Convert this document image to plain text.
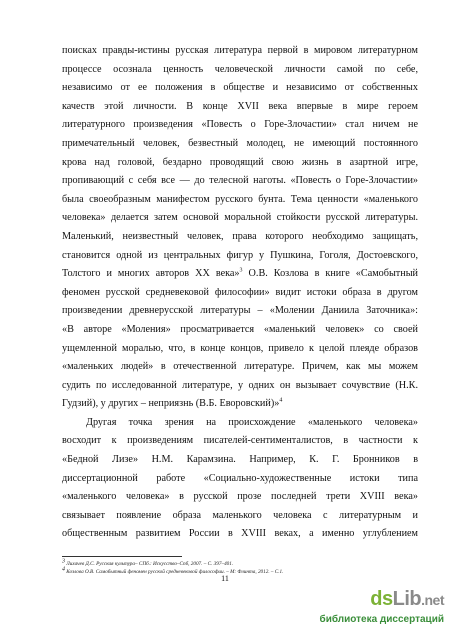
поисках правды-истины русская литература первой в мировом литературном
процессе осознала ценность человеческой личности самой по себе,
независимо от ее положения в обществе и независимо от собственных
качеств этой личности. В конце XVII века впервые в мире героем
литературного произведения «Повесть о Горе-Злочастии» стал ничем не
примечательный человек, безвестный молодец, не имеющий постоянного
крова над головой, бездарно проводящий свою жизнь в азартной игре,
пропивающий с себя все — до телесной наготы. «Повесть о Горе-Злочастии»
была своеобразным манифестом русского бунта. Тема ценности «маленького
человека» делается затем основой моральной стойкости русской литературы.
Маленький, неизвестный человек, права которого необходимо защищать,
становится одной из центральных фигур у Пушкина, Гоголя, Достоевского,
Толстого и многих авторов XX века»$^3$ О.В. Козлова в книге «Самобытный
феномен русской средневековой философии» видит истоки образа в другом
произведении древнерусской литературы – «Молении Даниила Заточника»:
«В авторе «Моления» просматривается «маленький человек» со своей
ущемленной моралью, что, в конце концов, привело к целой плеяде образов
«маленьких людей» в отечественной литературе. Причем, как мы можем
судить по исследованной литературе, у одних он вызывает сочувствие (Н.К.
Гудзий), у других – неприязнь (В.Б. Еворовский)»$^4$
Другая точка зрения на происхождение «маленького человека»
восходит к произведениям писателей-сентименталистов, в частности к
«Бедной Лизе» Н.М. Карамзина. Например, К. Г. Бронников в
диссертационной работе «Социально-художественные истоки типа
«маленького человека» в русской прозе последней трети XVIII века»
связывает появление образа маленького человека с литературным и
общественным развитием России в XVIII веках, а именно углублением
$^3$ Лихачев Д.С. Русская культура– СПб.: Искусство–Спб, 2007. – С. 397–401.
$^4$ Козлова О.В. Самобытный феномен русской средневековой философии. – М: Флинта, 2012. – С.1.
11
dsLib.net
библиотека диссертаций
